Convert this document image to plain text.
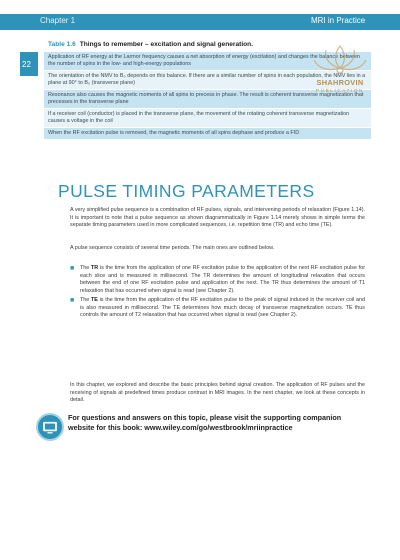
Chapter 1	MRI in Practice
22
Table 1.6 Things to remember – excitation and signal generation.
Application of RF energy at the Larmor frequency causes a net absorption of energy (excitation) and changes the balance between the number of spins in the low- and high-energy populations
The orientation of the NMV to B₀ depends on this balance. If there are a similar number of spins in each population, the NMV lies in a plane at 90° to B₀ (transverse plane)
Resonance also causes the magnetic moments of all spins to precess in phase. The result is coherent transverse magnetization that precesses in the transverse plane
If a receiver coil (conductor) is placed in the transverse plane, the movement of the rotating coherent transverse magnetization causes a voltage in the coil
When the RF excitation pulse is removed, the magnetic moments of all spins dephase and produce a FID
SHAHROVIN
PUBLICATION
PULSE TIMING PARAMETERS

A very simplified pulse sequence is a combination of RF pulses, signals, and intervening periods of relaxation (Figure 1.14). It is important to note that a pulse sequence as shown diagrammatically in Figure 1.14 merely shows in simple terms the separate timing parameters used in more complicated sequences, i.e. repetition time (TR) and echo time (TE).

A pulse sequence consists of several time periods. The main ones are outlined below.

■ The TR is the time from the application of one RF excitation pulse to the application of the next RF excitation pulse for each slice and is measured in millisecond. The TR determines the amount of longitudinal relaxation that occurs between the end of one RF excitation pulse and application of the next. The TR thus determines the amount of T1 relaxation that has occurred when signal is read (see Chapter 2).
■ The TE is the time from the application of the RF excitation pulse to the peak of signal induced in the receiver coil and is also measured in millisecond. The TE determines how much decay of transverse magnetization occurs. TE thus controls the amount of T2 relaxation that has occurred when signal is read (see Chapter 2).

In this chapter, we explored and describe the basic principles behind signal creation. The application of RF pulses and the receiving of signals at predefined times produce contrast in MRI images. In the next chapter, we look at these concepts in detail.

For questions and answers on this topic, please visit the supporting companion website for this book: www.wiley.com/go/westbrook/mriinpractice
